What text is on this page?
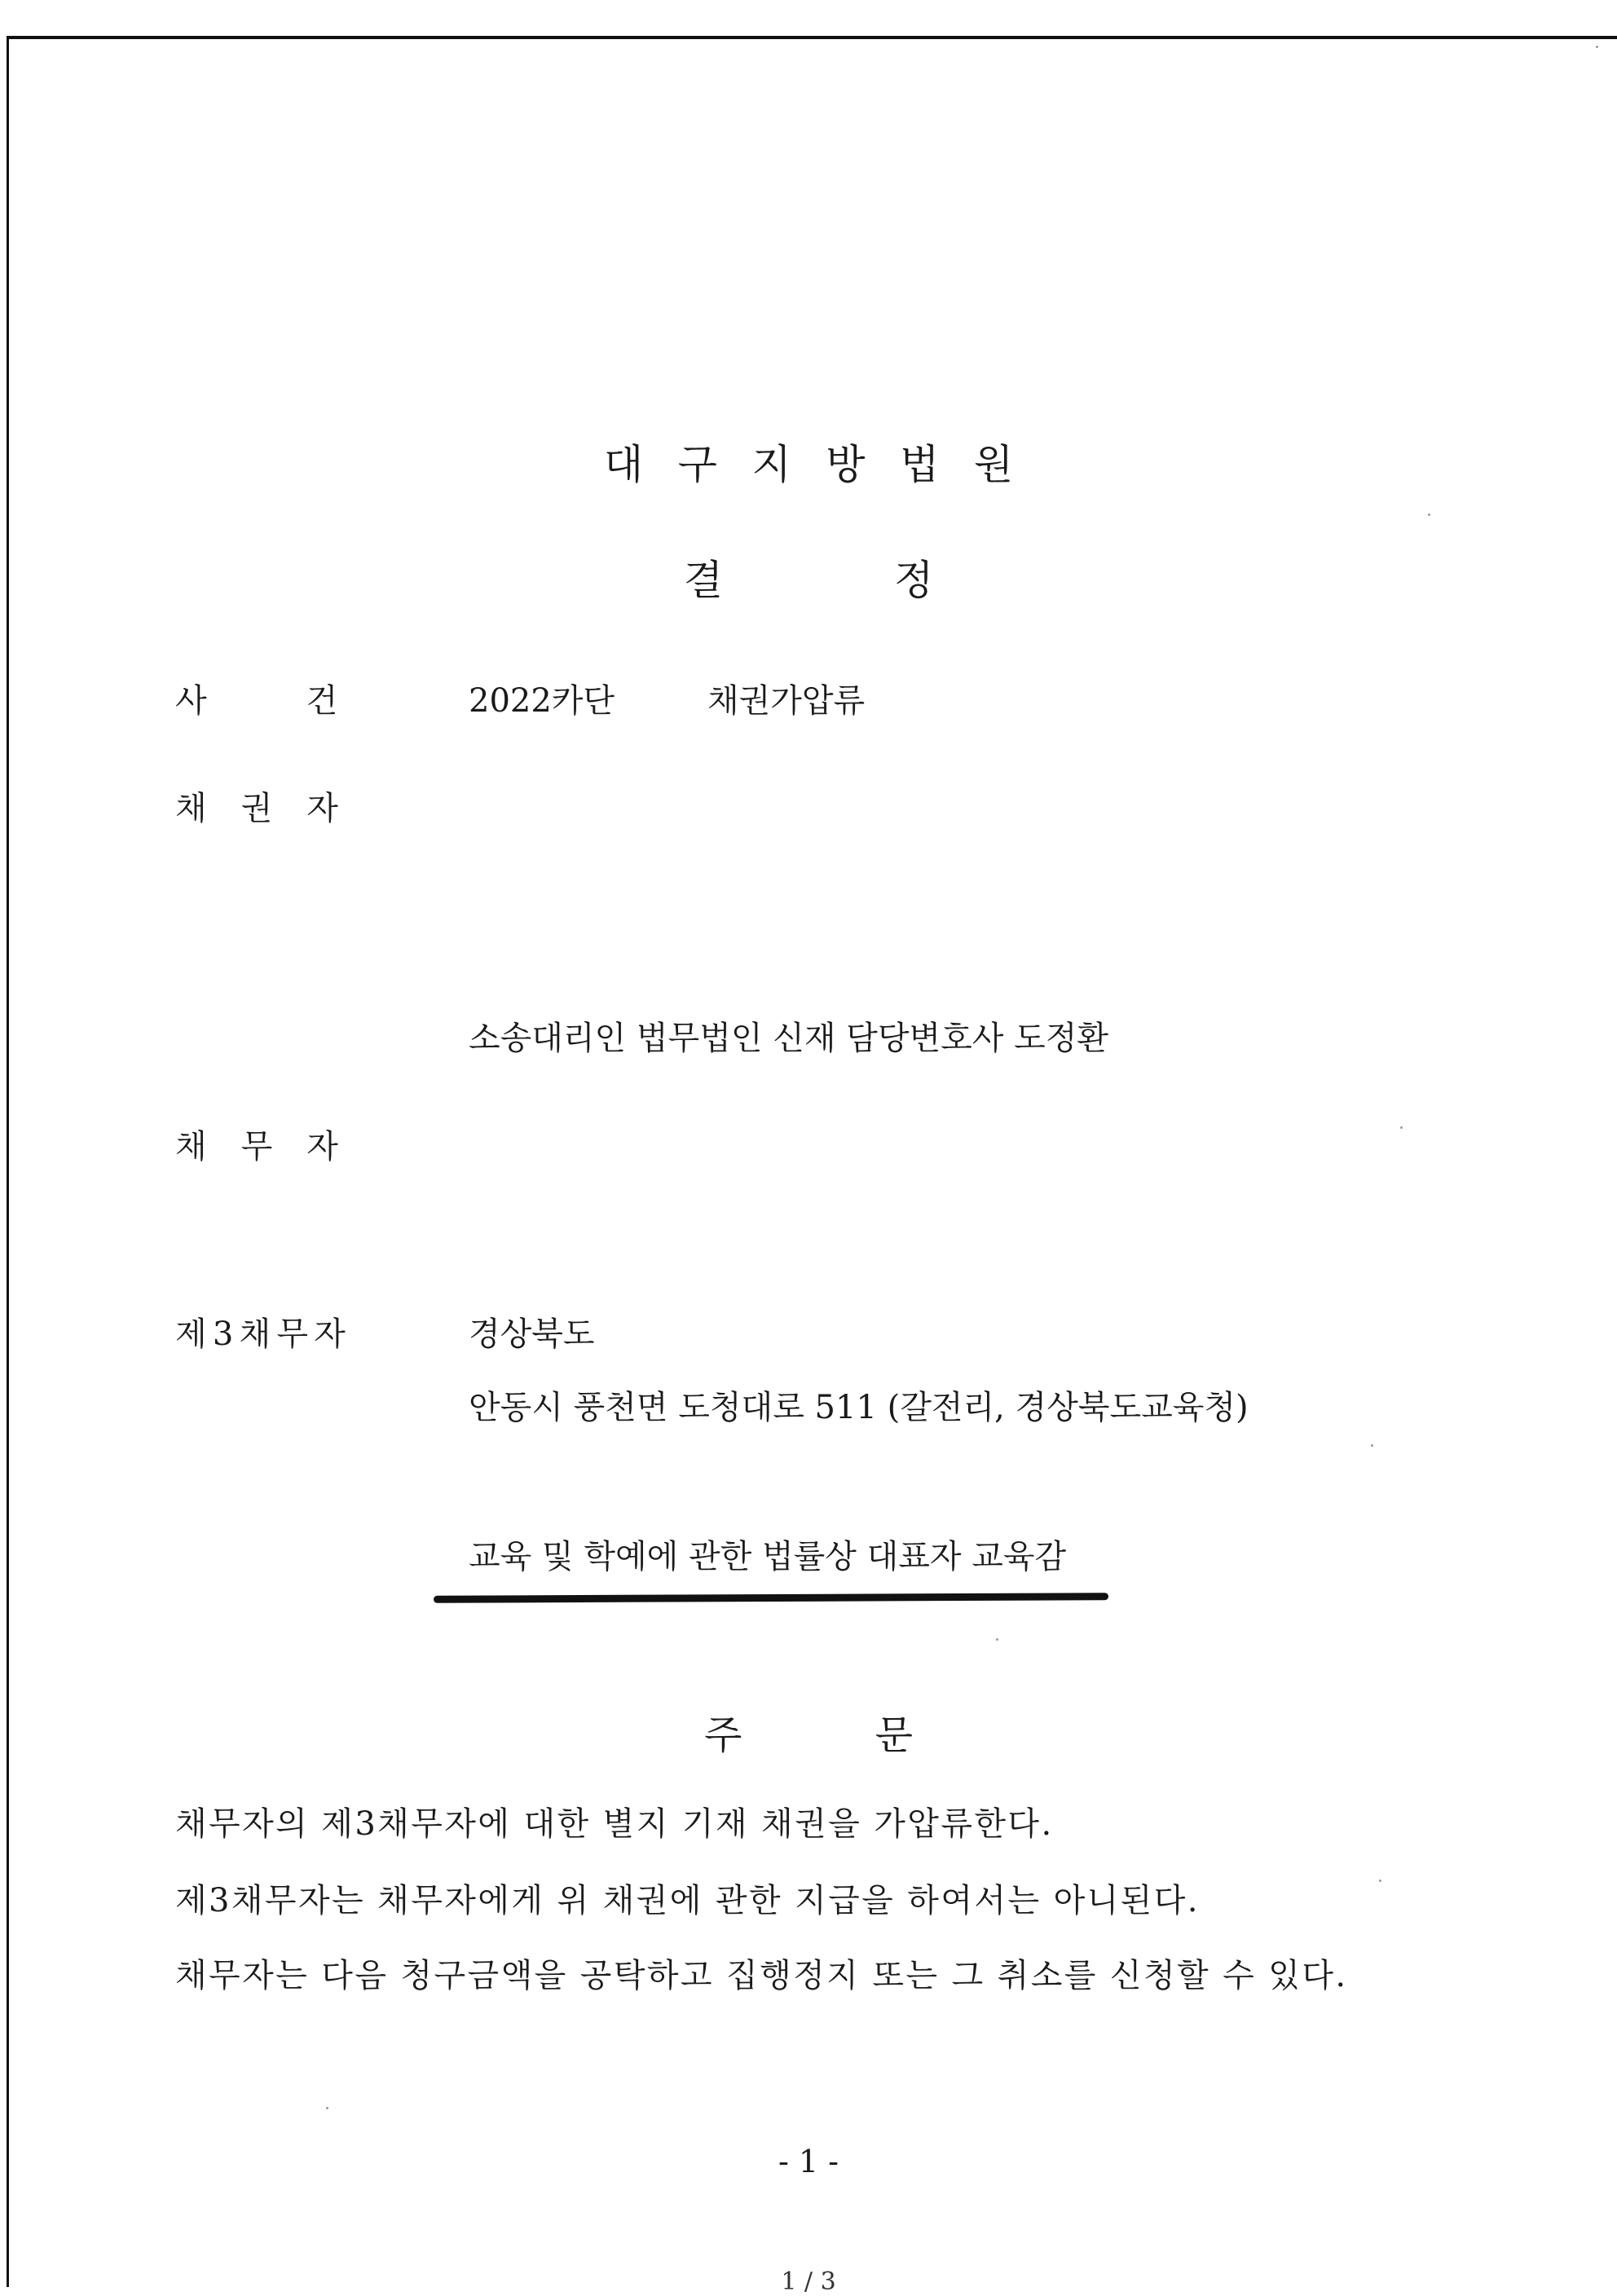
대구지방법원
결정
사건 2022카단	채권가압류
채권자
소송대리인 법무법인 신재 담당변호사 도정환
채무자
제3채무자	경상북도
안동시 풍천면 도청대로 511 (갈전리, 경상북도교육청)
교육 및 학예에 관한 법률상 대표자 교육감
주문
채무자의 제3채무자에 대한 별지 기재 채권을 가압류한다.
제3채무자는 채무자에게 위 채권에 관한 지급을 하여서는 아니된다.
채무자는 다음 청구금액을 공탁하고 집행정지 또는 그 취소를 신청할 수 있다.
- 1 -
1 / 3
